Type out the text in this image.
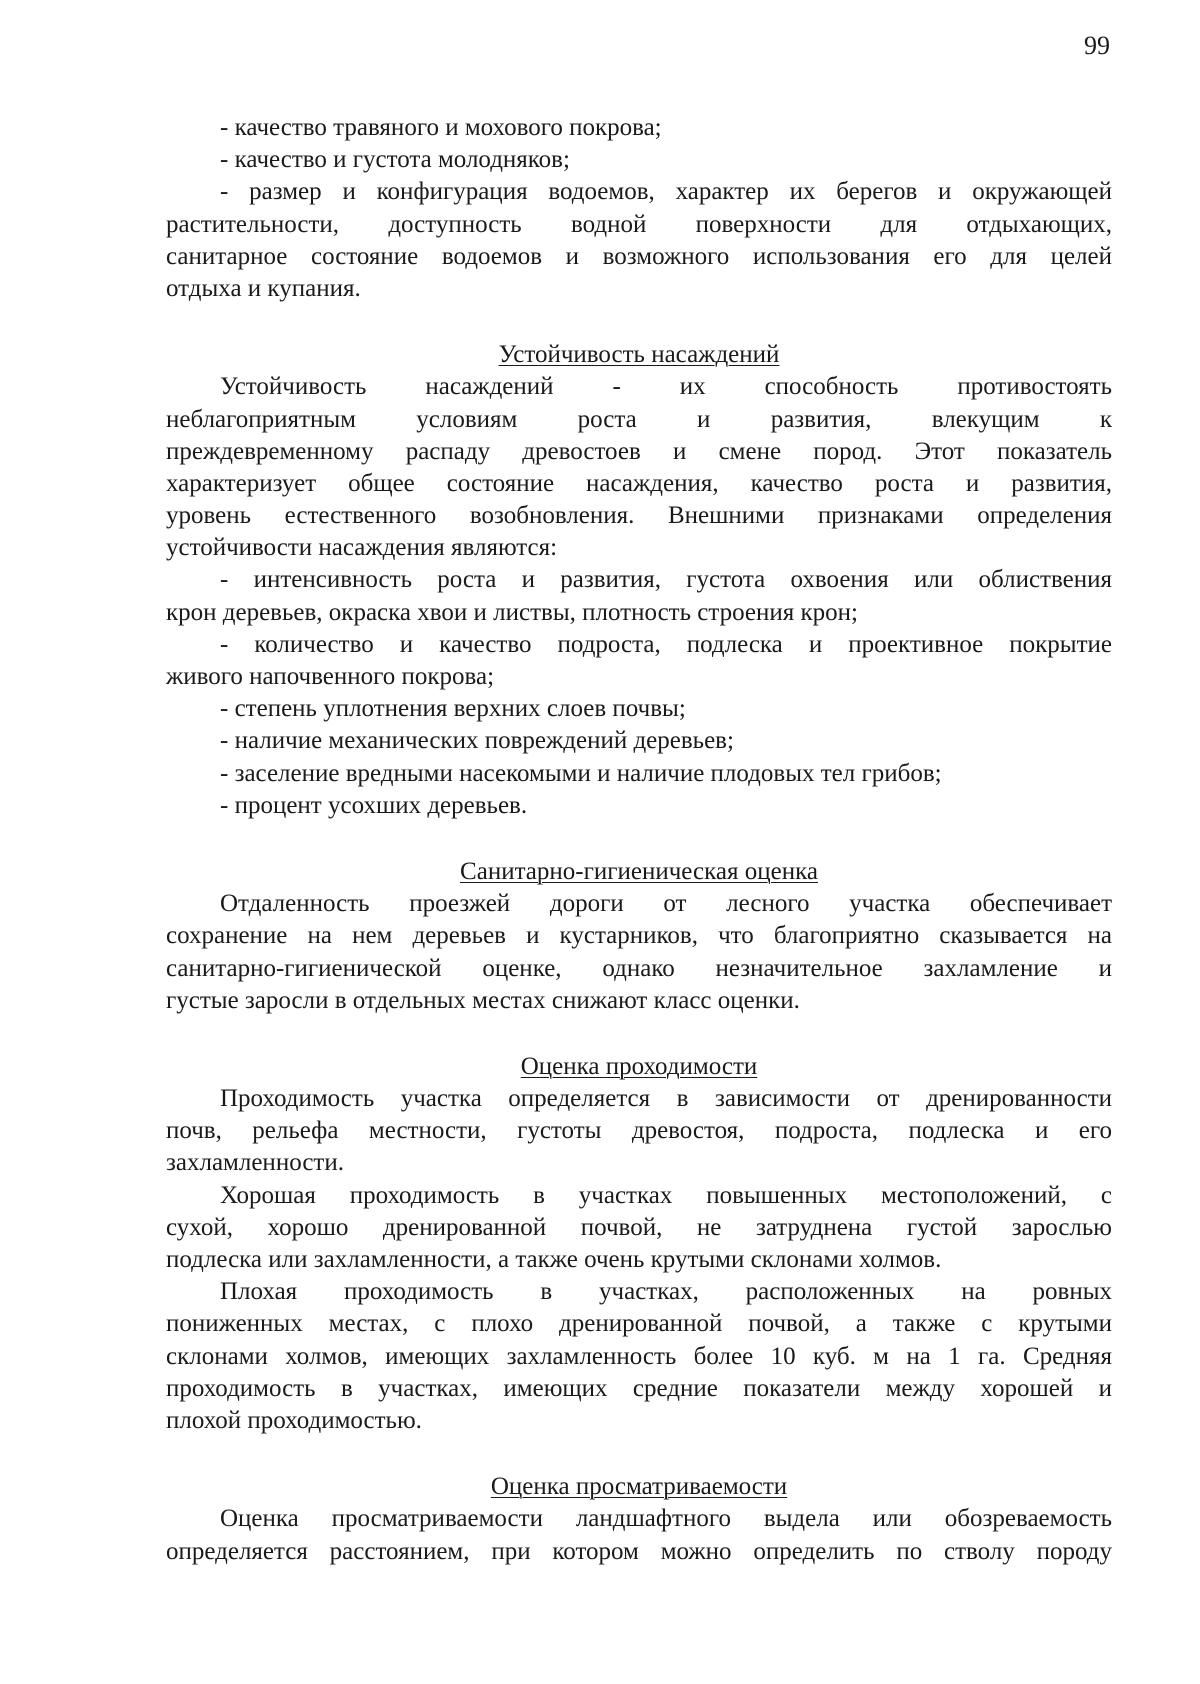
99
- качество травяного и мохового покрова;
- качество и густота молодняков;
- размер и конфигурация водоемов, характер их берегов и окружающей
растительности, доступность водной поверхности для отдыхающих,
санитарное состояние водоемов и возможного использования его для целей
отдыха и купания.
Устойчивость насаждений
Устойчивость насаждений - их способность противостоять
неблагоприятным условиям роста и развития, влекущим к
преждевременному распаду древостоев и смене пород. Этот показатель
характеризует общее состояние насаждения, качество роста и развития,
уровень естественного возобновления. Внешними признаками определения
устойчивости насаждения являются:
- интенсивность роста и развития, густота охвоения или облиствения
крон деревьев, окраска хвои и листвы, плотность строения крон;
- количество и качество подроста, подлеска и проективное покрытие
живого напочвенного покрова;
- степень уплотнения верхних слоев почвы;
- наличие механических повреждений деревьев;
- заселение вредными насекомыми и наличие плодовых тел грибов;
- процент усохших деревьев.
Санитарно-гигиеническая оценка
Отдаленность проезжей дороги от лесного участка обеспечивает
сохранение на нем деревьев и кустарников, что благоприятно сказывается на
санитарно-гигиенической оценке, однако незначительное захламление и
густые заросли в отдельных местах снижают класс оценки.
Оценка проходимости
Проходимость участка определяется в зависимости от дренированности
почв, рельефа местности, густоты древостоя, подроста, подлеска и его
захламленности.
Хорошая проходимость в участках повышенных местоположений, с
сухой, хорошо дренированной почвой, не затруднена густой зарослью
подлеска или захламленности, а также очень крутыми склонами холмов.
Плохая проходимость в участках, расположенных на ровных
пониженных местах, с плохо дренированной почвой, а также с крутыми
склонами холмов, имеющих захламленность более 10 куб. м на 1 га. Средняя
проходимость в участках, имеющих средние показатели между хорошей и
плохой проходимостью.
Оценка просматриваемости
Оценка просматриваемости ландшафтного выдела или обозреваемость
определяется расстоянием, при котором можно определить по стволу породу
